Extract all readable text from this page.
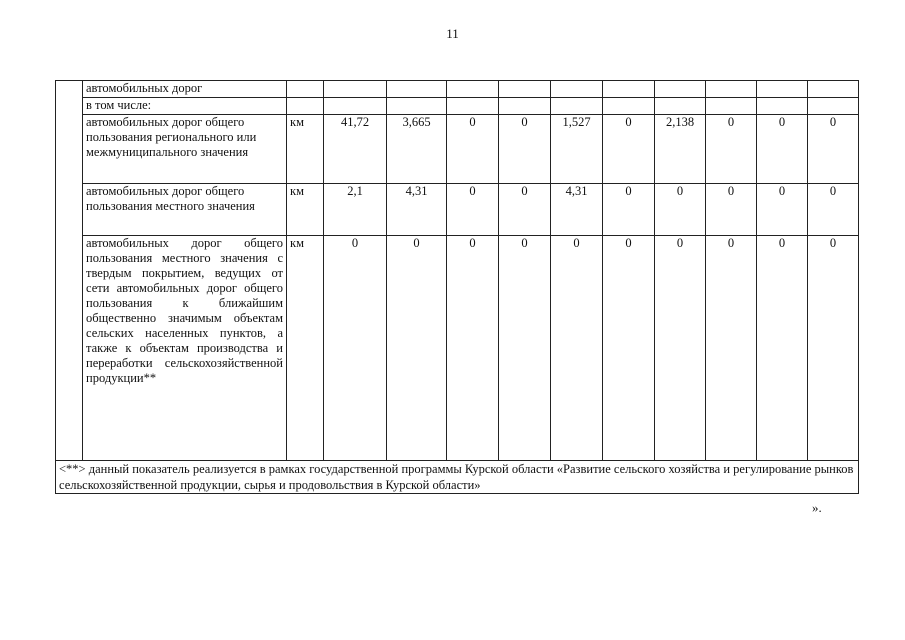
11
	автомобильных дорог											
	в том числе:											
	автомобильных дорог общего пользования регионального или межмуниципального значения	км	41,72	3,665	0	0	1,527	0	2,138	0	0	0
	автомобильных дорог общего пользования местного значения	км	2,1	4,31	0	0	4,31	0	0	0	0	0
	автомобильных дорог общего пользования местного значения с твердым покрытием, ведущих от сети автомобильных дорог общего пользования к ближайшим общественно значимым объектам сельских населенных пунктов, а также к объектам производства и переработки сельскохозяйственной продукции**	км	0	0	0	0	0	0	0	0	0	0
<**> данный показатель реализуется в рамках государственной программы Курской области «Развитие сельского хозяйства и регулирование рынков сельскохозяйственной продукции, сырья и продовольствия в Курской области»												
».
